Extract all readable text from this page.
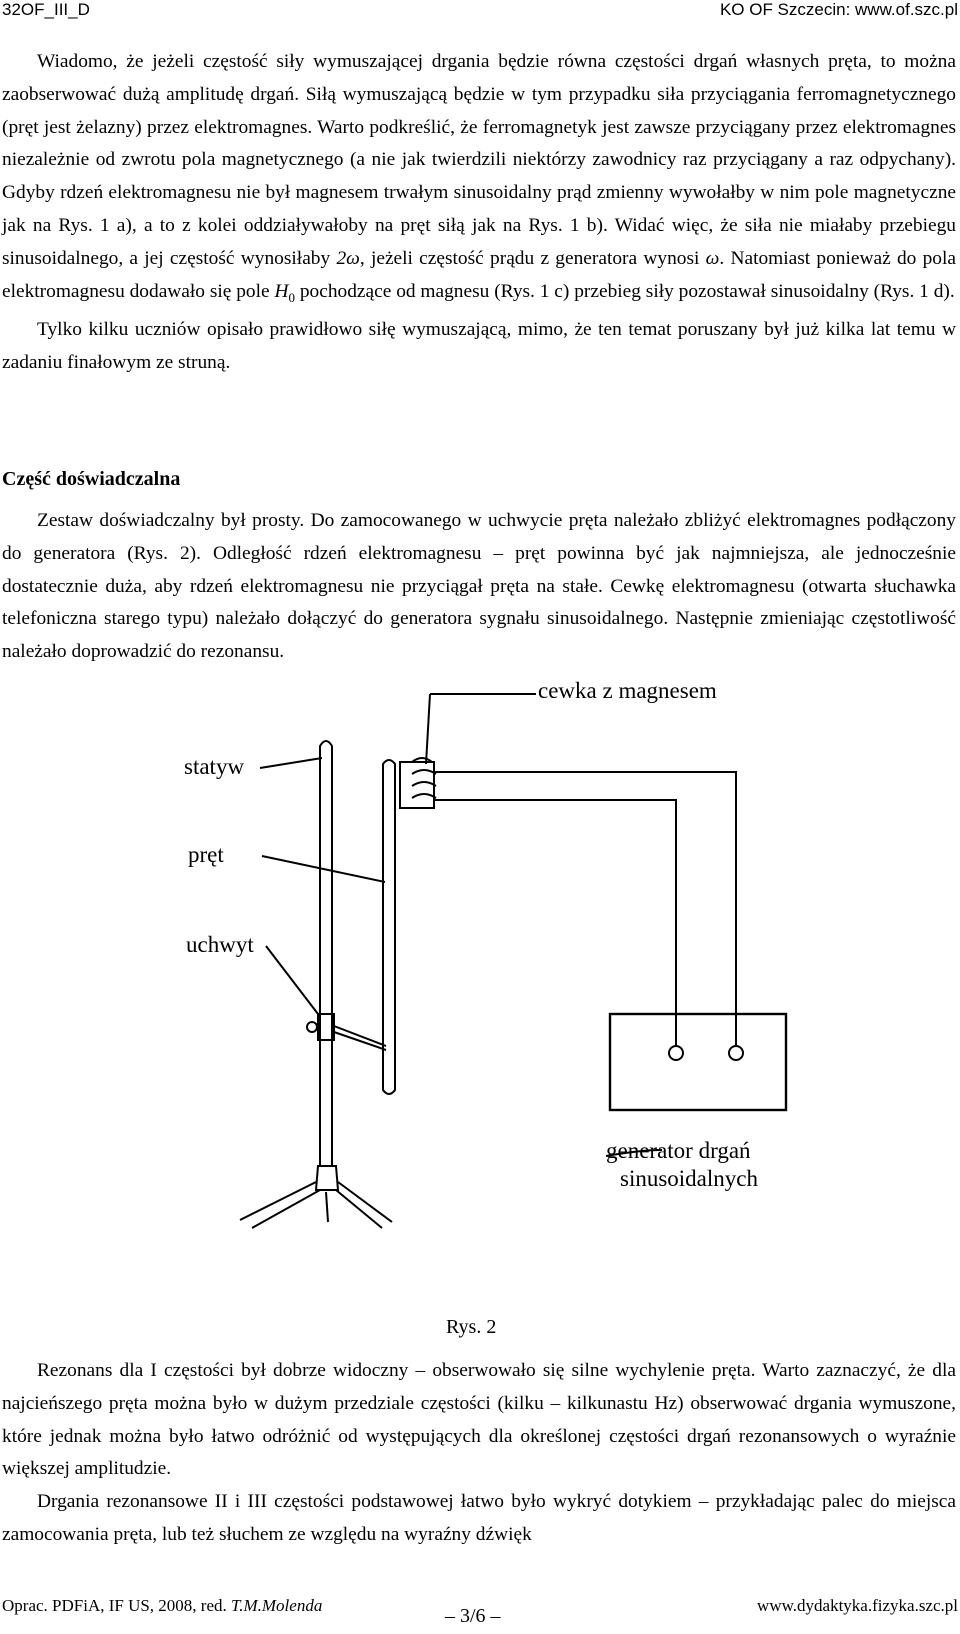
32OF_III_D	KO OF Szczecin: www.of.szc.pl

Wiadomo, że jeżeli częstość siły wymuszającej drgania będzie równa częstości drgań własnych pręta, to można zaobserwować dużą amplitudę drgań. Siłą wymuszającą będzie w tym przypadku siła przyciągania ferromagnetycznego (pręt jest żelazny) przez elektromagnes. Warto podkreślić, że ferromagnetyk jest zawsze przyciągany przez elektromagnes niezależnie od zwrotu pola magnetycznego (a nie jak twierdzili niektórzy zawodnicy raz przyciągany a raz odpychany). Gdyby rdzeń elektromagnesu nie był magnesem trwałym sinusoidalny prąd zmienny wywołałby w nim pole magnetyczne jak na Rys. 1 a), a to z kolei oddziaływałoby na pręt siłą jak na Rys. 1 b). Widać więc, że siła nie miałaby przebiegu sinusoidalnego, a jej częstość wynosiłaby 2ω, jeżeli częstość prądu z generatora wynosi ω. Natomiast ponieważ do pola elektromagnesu dodawało się pole $H_0$ pochodzące od magnesu (Rys. 1 c) przebieg siły pozostawał sinusoidalny (Rys. 1 d).

Tylko kilku uczniów opisało prawidłowo siłę wymuszającą, mimo, że ten temat poruszany był już kilka lat temu w zadaniu finałowym ze struną.

Część doświadczalna

Zestaw doświadczalny był prosty. Do zamocowanego w uchwycie pręta należało zbliżyć elektromagnes podłączony do generatora (Rys. 2). Odległość rdzeń elektromagnesu – pręt powinna być jak najmniejsza, ale jednocześnie dostatecznie duża, aby rdzeń elektromagnesu nie przyciągał pręta na stałe. Cewkę elektromagnesu (otwarta słuchawka telefoniczna starego typu) należało dołączyć do generatora sygnału sinusoidalnego. Następnie zmieniając częstotliwość należało doprowadzić do rezonansu.

cewka z magnesem
statyw
pręt
uchwyt
generator drgań
sinusoidalnych
Rys. 2

Rezonans dla I częstości był dobrze widoczny – obserwowało się silne wychylenie pręta. Warto zaznaczyć, że dla najcieńszego pręta można było w dużym przedziale częstości (kilku – kilkunastu Hz) obserwować drgania wymuszone, które jednak można było łatwo odróżnić od występujących dla określonej częstości drgań rezonansowych o wyraźnie większej amplitudzie.

Drgania rezonansowe II i III częstości podstawowej łatwo było wykryć dotykiem – przykładając palec do miejsca zamocowania pręta, lub też słuchem ze względu na wyraźny dźwięk

Oprac. PDFiA, IF US, 2008, red. T.M.Molenda	– 3/6 –	www.dydaktyka.fizyka.szc.pl
